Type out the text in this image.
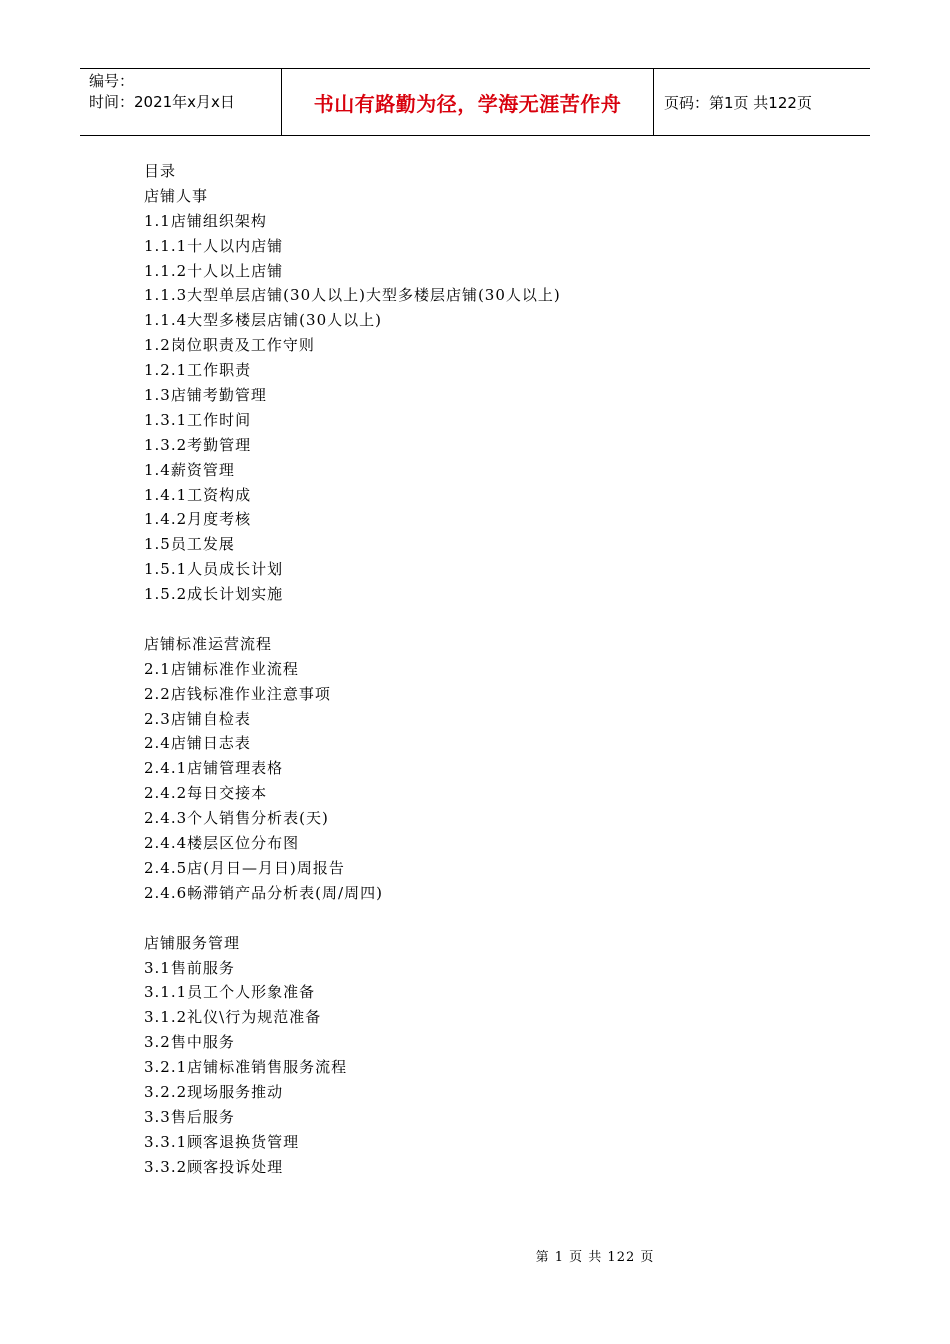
编号：
时间：2021年x月x日	书山有路勤为径，学海无涯苦作舟	页码：第1页 共122页
目录
店铺人事
1.1店铺组织架构
1.1.1十人以内店铺
1.1.2十人以上店铺
1.1.3大型单层店铺(30人以上)大型多楼层店铺(30人以上)
1.1.4大型多楼层店铺(30人以上)
1.2岗位职责及工作守则
1.2.1工作职责
1.3店铺考勤管理
1.3.1工作时间
1.3.2考勤管理
1.4薪资管理
1.4.1工资构成
1.4.2月度考核
1.5员工发展
1.5.1人员成长计划
1.5.2成长计划实施
店铺标准运营流程
2.1店铺标准作业流程
2.2店钱标准作业注意事项
2.3店铺自检表
2.4店铺日志表
2.4.1店铺管理表格
2.4.2每日交接本
2.4.3个人销售分析表(天)
2.4.4楼层区位分布图
2.4.5店(月日—月日)周报告
2.4.6畅滞销产品分析表(周/周四)
店铺服务管理
3.1售前服务
3.1.1员工个人形象准备
3.1.2礼仪\行为规范准备
3.2售中服务
3.2.1店铺标准销售服务流程
3.2.2现场服务推动
3.3售后服务
3.3.1顾客退换货管理
3.3.2顾客投诉处理
第 1 页 共 122 页
